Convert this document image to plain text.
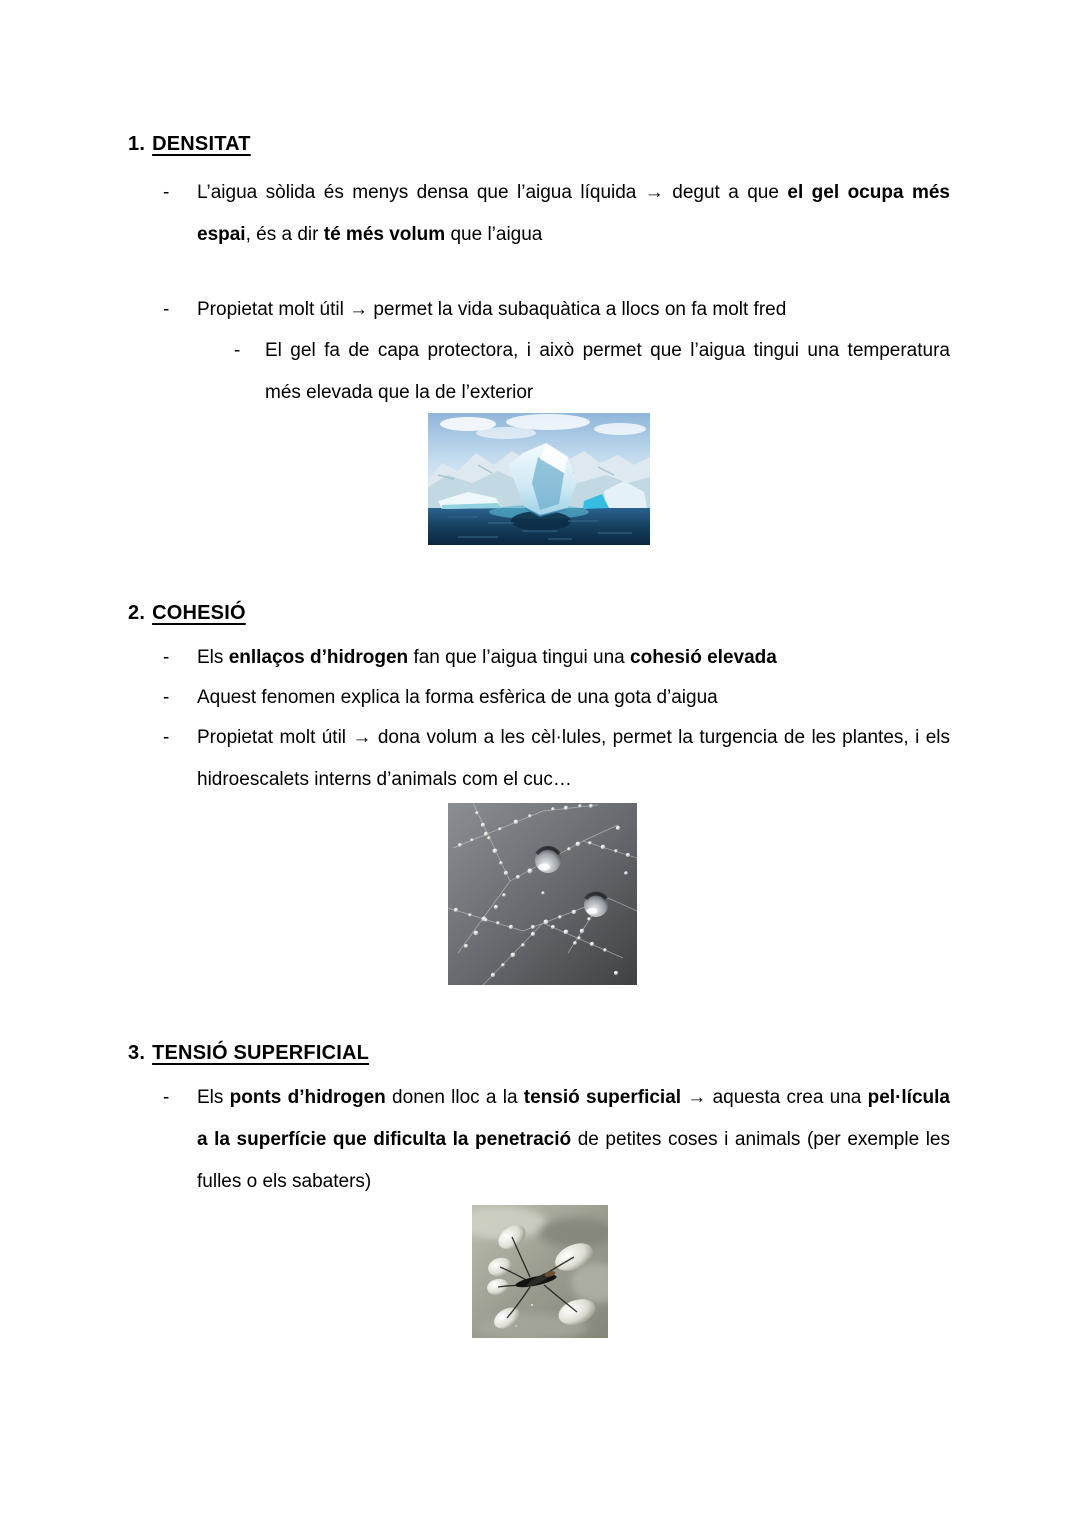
1. DENSITAT
-	L’aigua sòlida és menys densa que l’aigua líquida → degut a que el gel ocupa més espai, és a dir té més volum que l’aigua
-	Propietat molt útil → permet la vida subaquàtica a llocs on fa molt fred
-	El gel fa de capa protectora, i això permet que l’aigua tingui una temperatura més elevada que la de l’exterior
2. COHESIÓ
-	Els enllaços d’hidrogen fan que l’aigua tingui una cohesió elevada
-	Aquest fenomen explica la forma esfèrica de una gota d’aigua
-	Propietat molt útil → dona volum a les cèl·lules, permet la turgencia de les plantes, i els hidroescalets interns d’animals com el cuc…
3. TENSIÓ SUPERFICIAL
-	Els ponts d’hidrogen donen lloc a la tensió superficial → aquesta crea una pel·lícula a la superfície que dificulta la penetració de petites coses i animals (per exemple les fulles o els sabaters)
